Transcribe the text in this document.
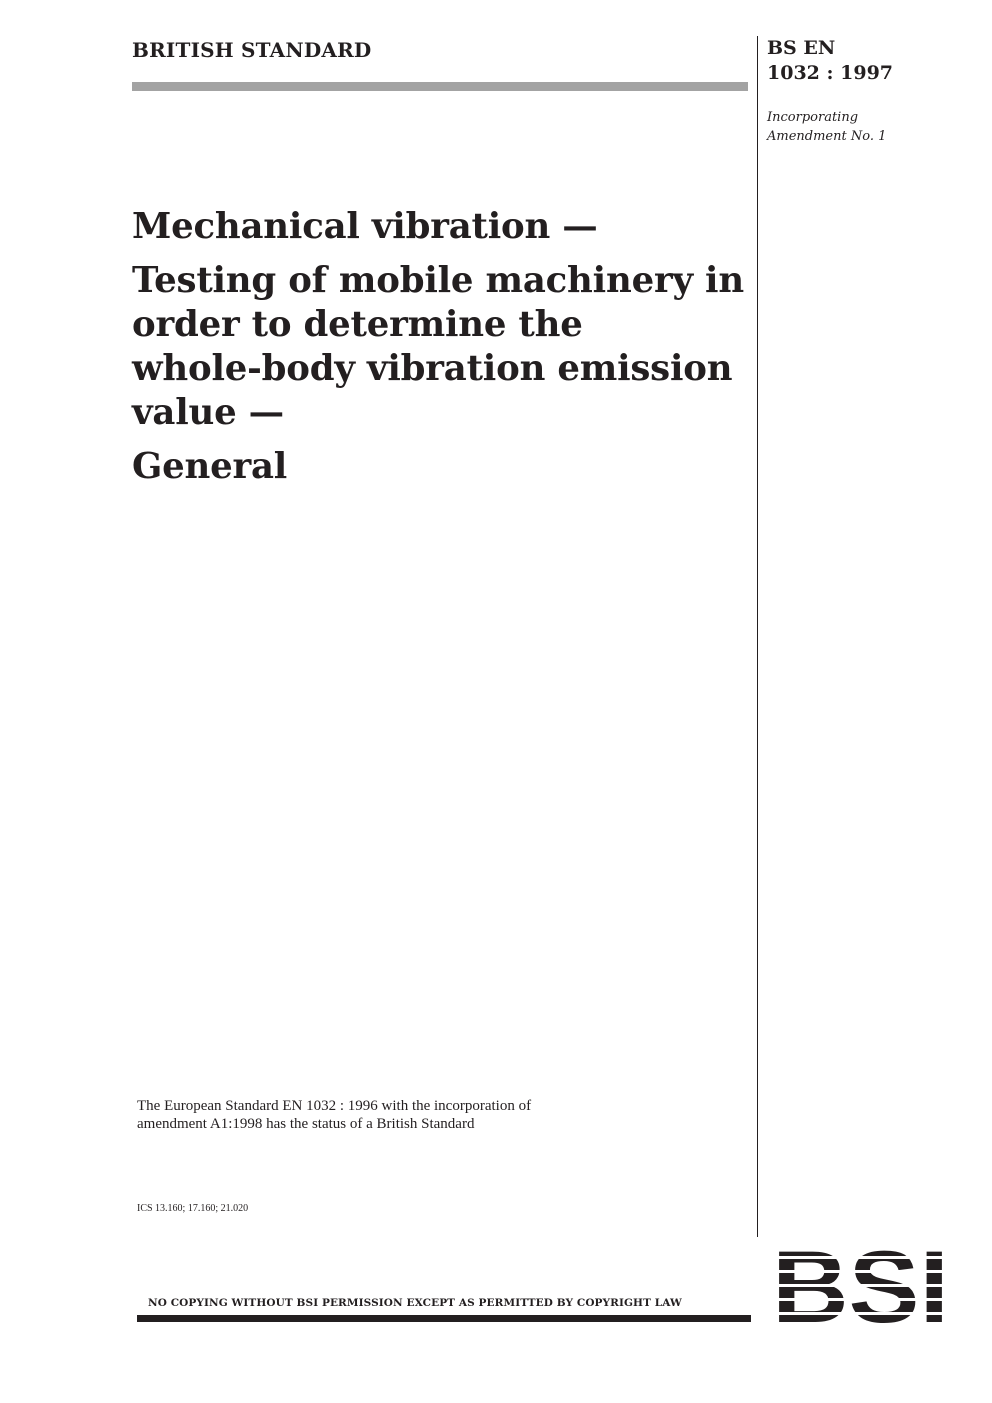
BRITISH STANDARD	BS EN
1032 : 1997
Incorporating
Amendment No. 1
Mechanical vibration —
Testing of mobile machinery in
order to determine the
whole-body vibration emission
value —
General
The European Standard EN 1032 : 1996 with the incorporation of
amendment A1:1998 has the status of a British Standard
ICS 13.160; 17.160; 21.020
NO COPYING WITHOUT BSI PERMISSION EXCEPT AS PERMITTED BY COPYRIGHT LAW
